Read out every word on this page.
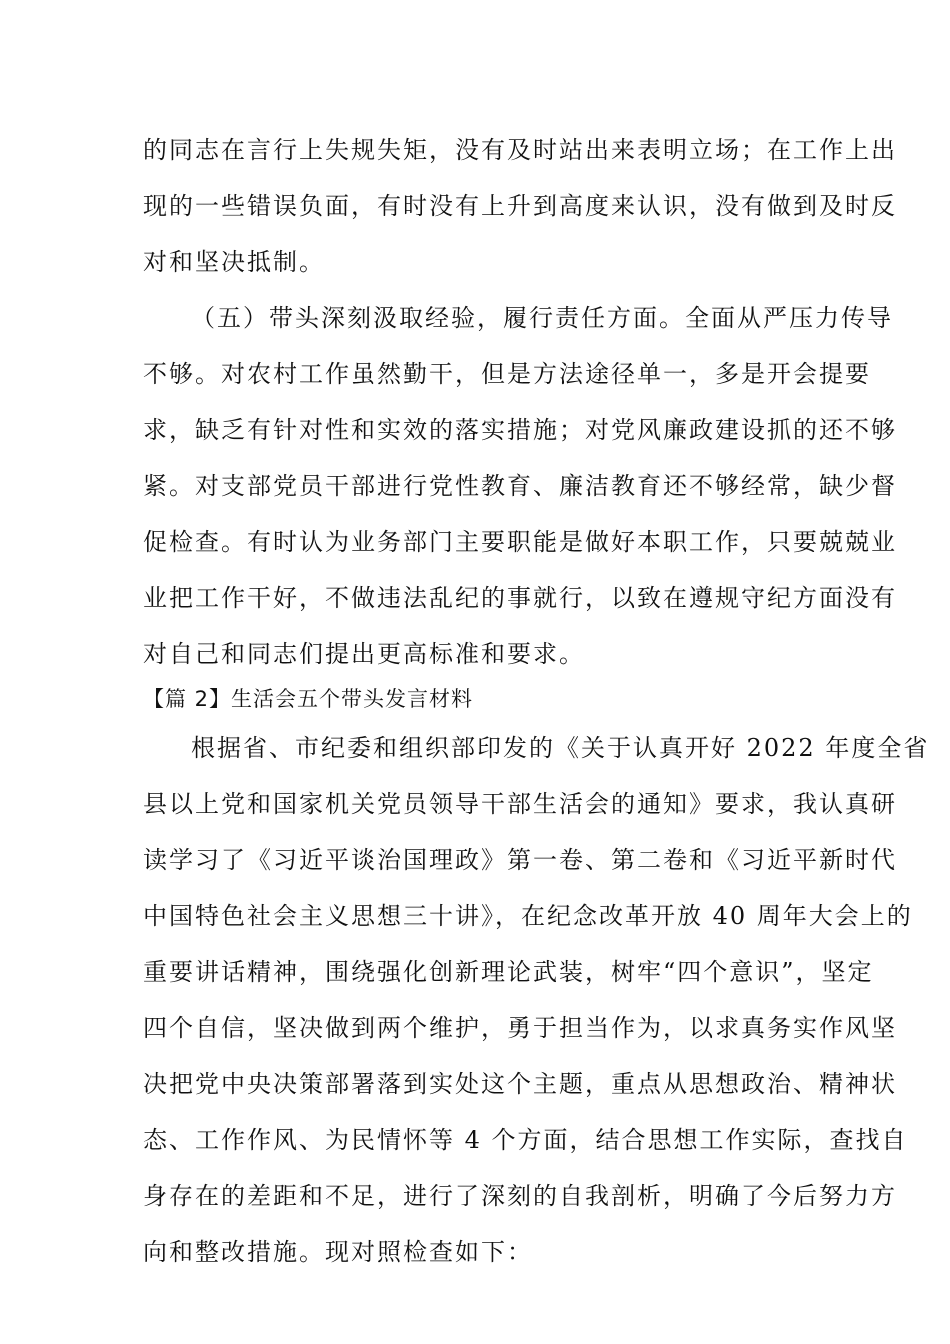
的同志在言行上失规失矩，没有及时站出来表明立场；在工作上出
现的一些错误负面，有时没有上升到高度来认识，没有做到及时反
对和坚决抵制。
（五）带头深刻汲取经验，履行责任方面。全面从严压力传导
不够。对农村工作虽然勤干，但是方法途径单一，多是开会提要
求，缺乏有针对性和实效的落实措施；对党风廉政建设抓的还不够
紧。对支部党员干部进行党性教育、廉洁教育还不够经常，缺少督
促检查。有时认为业务部门主要职能是做好本职工作，只要兢兢业
业把工作干好，不做违法乱纪的事就行，以致在遵规守纪方面没有
对自己和同志们提出更高标准和要求。
【篇 2】生活会五个带头发言材料
根据省、市纪委和组织部印发的《关于认真开好 2022 年度全省
县以上党和国家机关党员领导干部生活会的通知》要求，我认真研
读学习了《习近平谈治国理政》第一卷、第二卷和《习近平新时代
中国特色社会主义思想三十讲》，在纪念改革开放 40 周年大会上的
重要讲话精神，围绕强化创新理论武装，树牢“四个意识”，坚定
四个自信，坚决做到两个维护，勇于担当作为，以求真务实作风坚
决把党中央决策部署落到实处这个主题，重点从思想政治、精神状
态、工作作风、为民情怀等 4 个方面，结合思想工作实际，查找自
身存在的差距和不足，进行了深刻的自我剖析，明确了今后努力方
向和整改措施。现对照检查如下：
